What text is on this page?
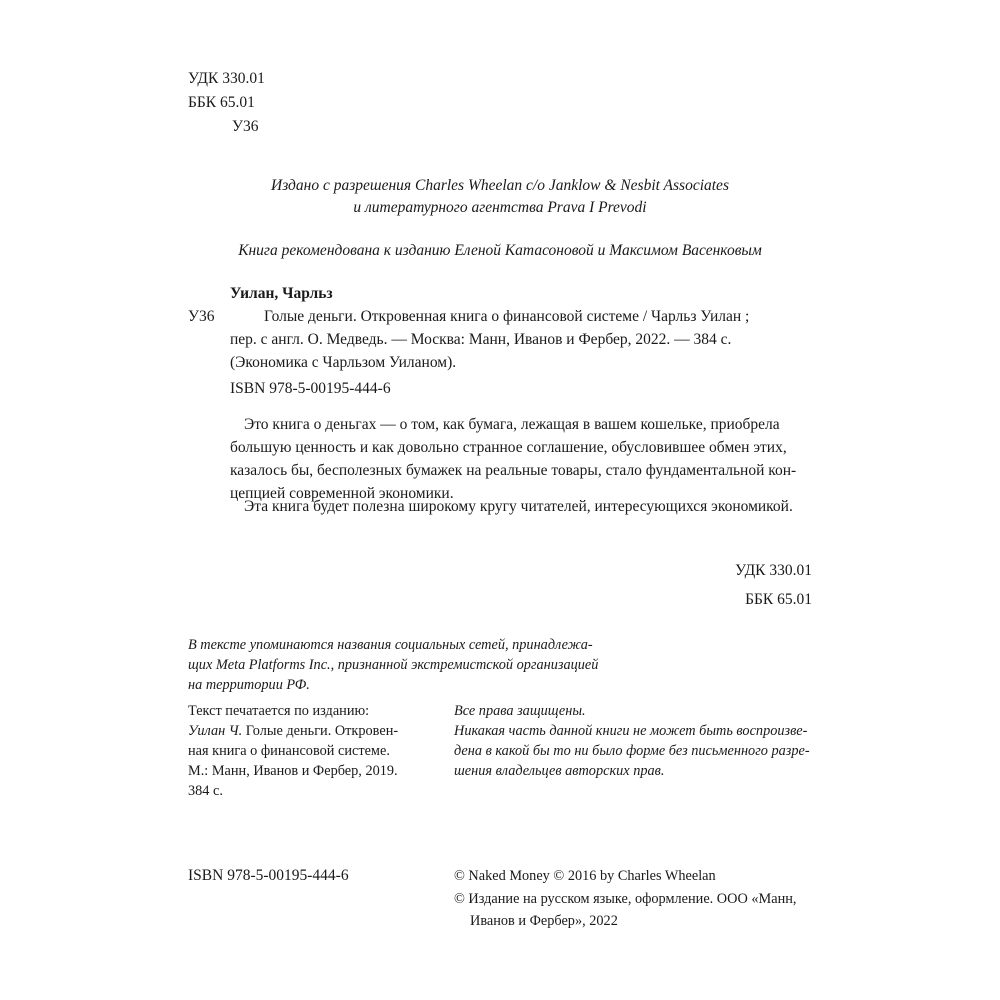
УДК 330.01
ББК 65.01
У36
Издано с разрешения Charles Wheelan c/o Janklow & Nesbit Associates
и литературного агентства Prava I Prevodi
Книга рекомендована к изданию Еленой Катасоновой и Максимом Васенковым
Уилан, Чарльз
У36	Голые деньги. Откровенная книга о финансовой системе / Чарльз Уилан ;
пер. с англ. О. Медведь. — Москва: Манн, Иванов и Фербер, 2022. — 384 с.
(Экономика с Чарльзом Уиланом).
ISBN 978-5-00195-444-6
Это книга о деньгах — о том, как бумага, лежащая в вашем кошельке, приобрела
большую ценность и как довольно странное соглашение, обусловившее обмен этих,
казалось бы, бесполезных бумажек на реальные товары, стало фундаментальной кон-
цепцией современной экономики.
Эта книга будет полезна широкому кругу читателей, интересующихся экономикой.
УДК 330.01
ББК 65.01
В тексте упоминаются названия социальных сетей, принадлежа-
щих Meta Platforms Inc., признанной экстремистской организацией
на территории РФ.
Текст печатается по изданию:
Уилан Ч. Голые деньги. Откровен-
ная книга о финансовой системе.
М.: Манн, Иванов и Фербер, 2019.
384 с.
Все права защищены.
Никакая часть данной книги не может быть воспроизве-
дена в какой бы то ни было форме без письменного разре-
шения владельцев авторских прав.
ISBN 978-5-00195-444-6	© Naked Money © 2016 by Charles Wheelan
© Издание на русском языке, оформление. ООО «Манн,
Иванов и Фербер», 2022
